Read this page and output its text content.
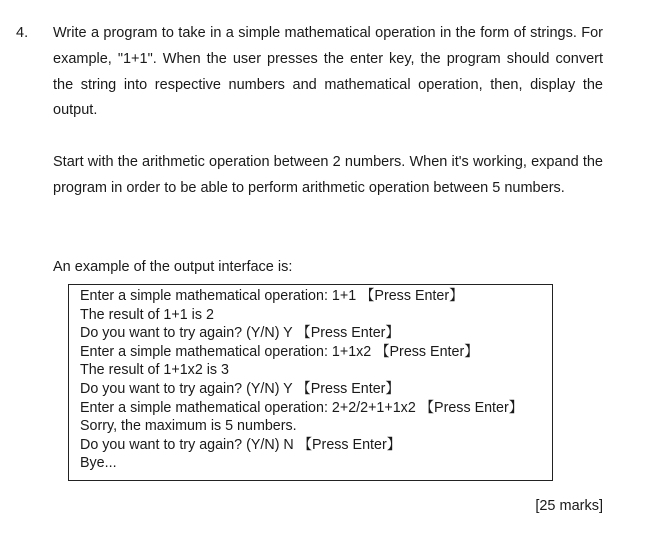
4. Write a program to take in a simple mathematical operation in the form of strings. For example, "1+1". When the user presses the enter key, the program should convert the string into respective numbers and mathematical operation, then, display the output.

Start with the arithmetic operation between 2 numbers. When it's working, expand the program in order to be able to perform arithmetic operation between 5 numbers.

An example of the output interface is:

Enter a simple mathematical operation: 1+1 【Press Enter】
The result of 1+1 is 2
Do you want to try again? (Y/N) Y 【Press Enter】
Enter a simple mathematical operation: 1+1x2 【Press Enter】
The result of 1+1x2 is 3
Do you want to try again? (Y/N) Y 【Press Enter】
Enter a simple mathematical operation: 2+2/2+1+1x2 【Press Enter】
Sorry, the maximum is 5 numbers.
Do you want to try again? (Y/N) N 【Press Enter】
Bye...
[25 marks]
